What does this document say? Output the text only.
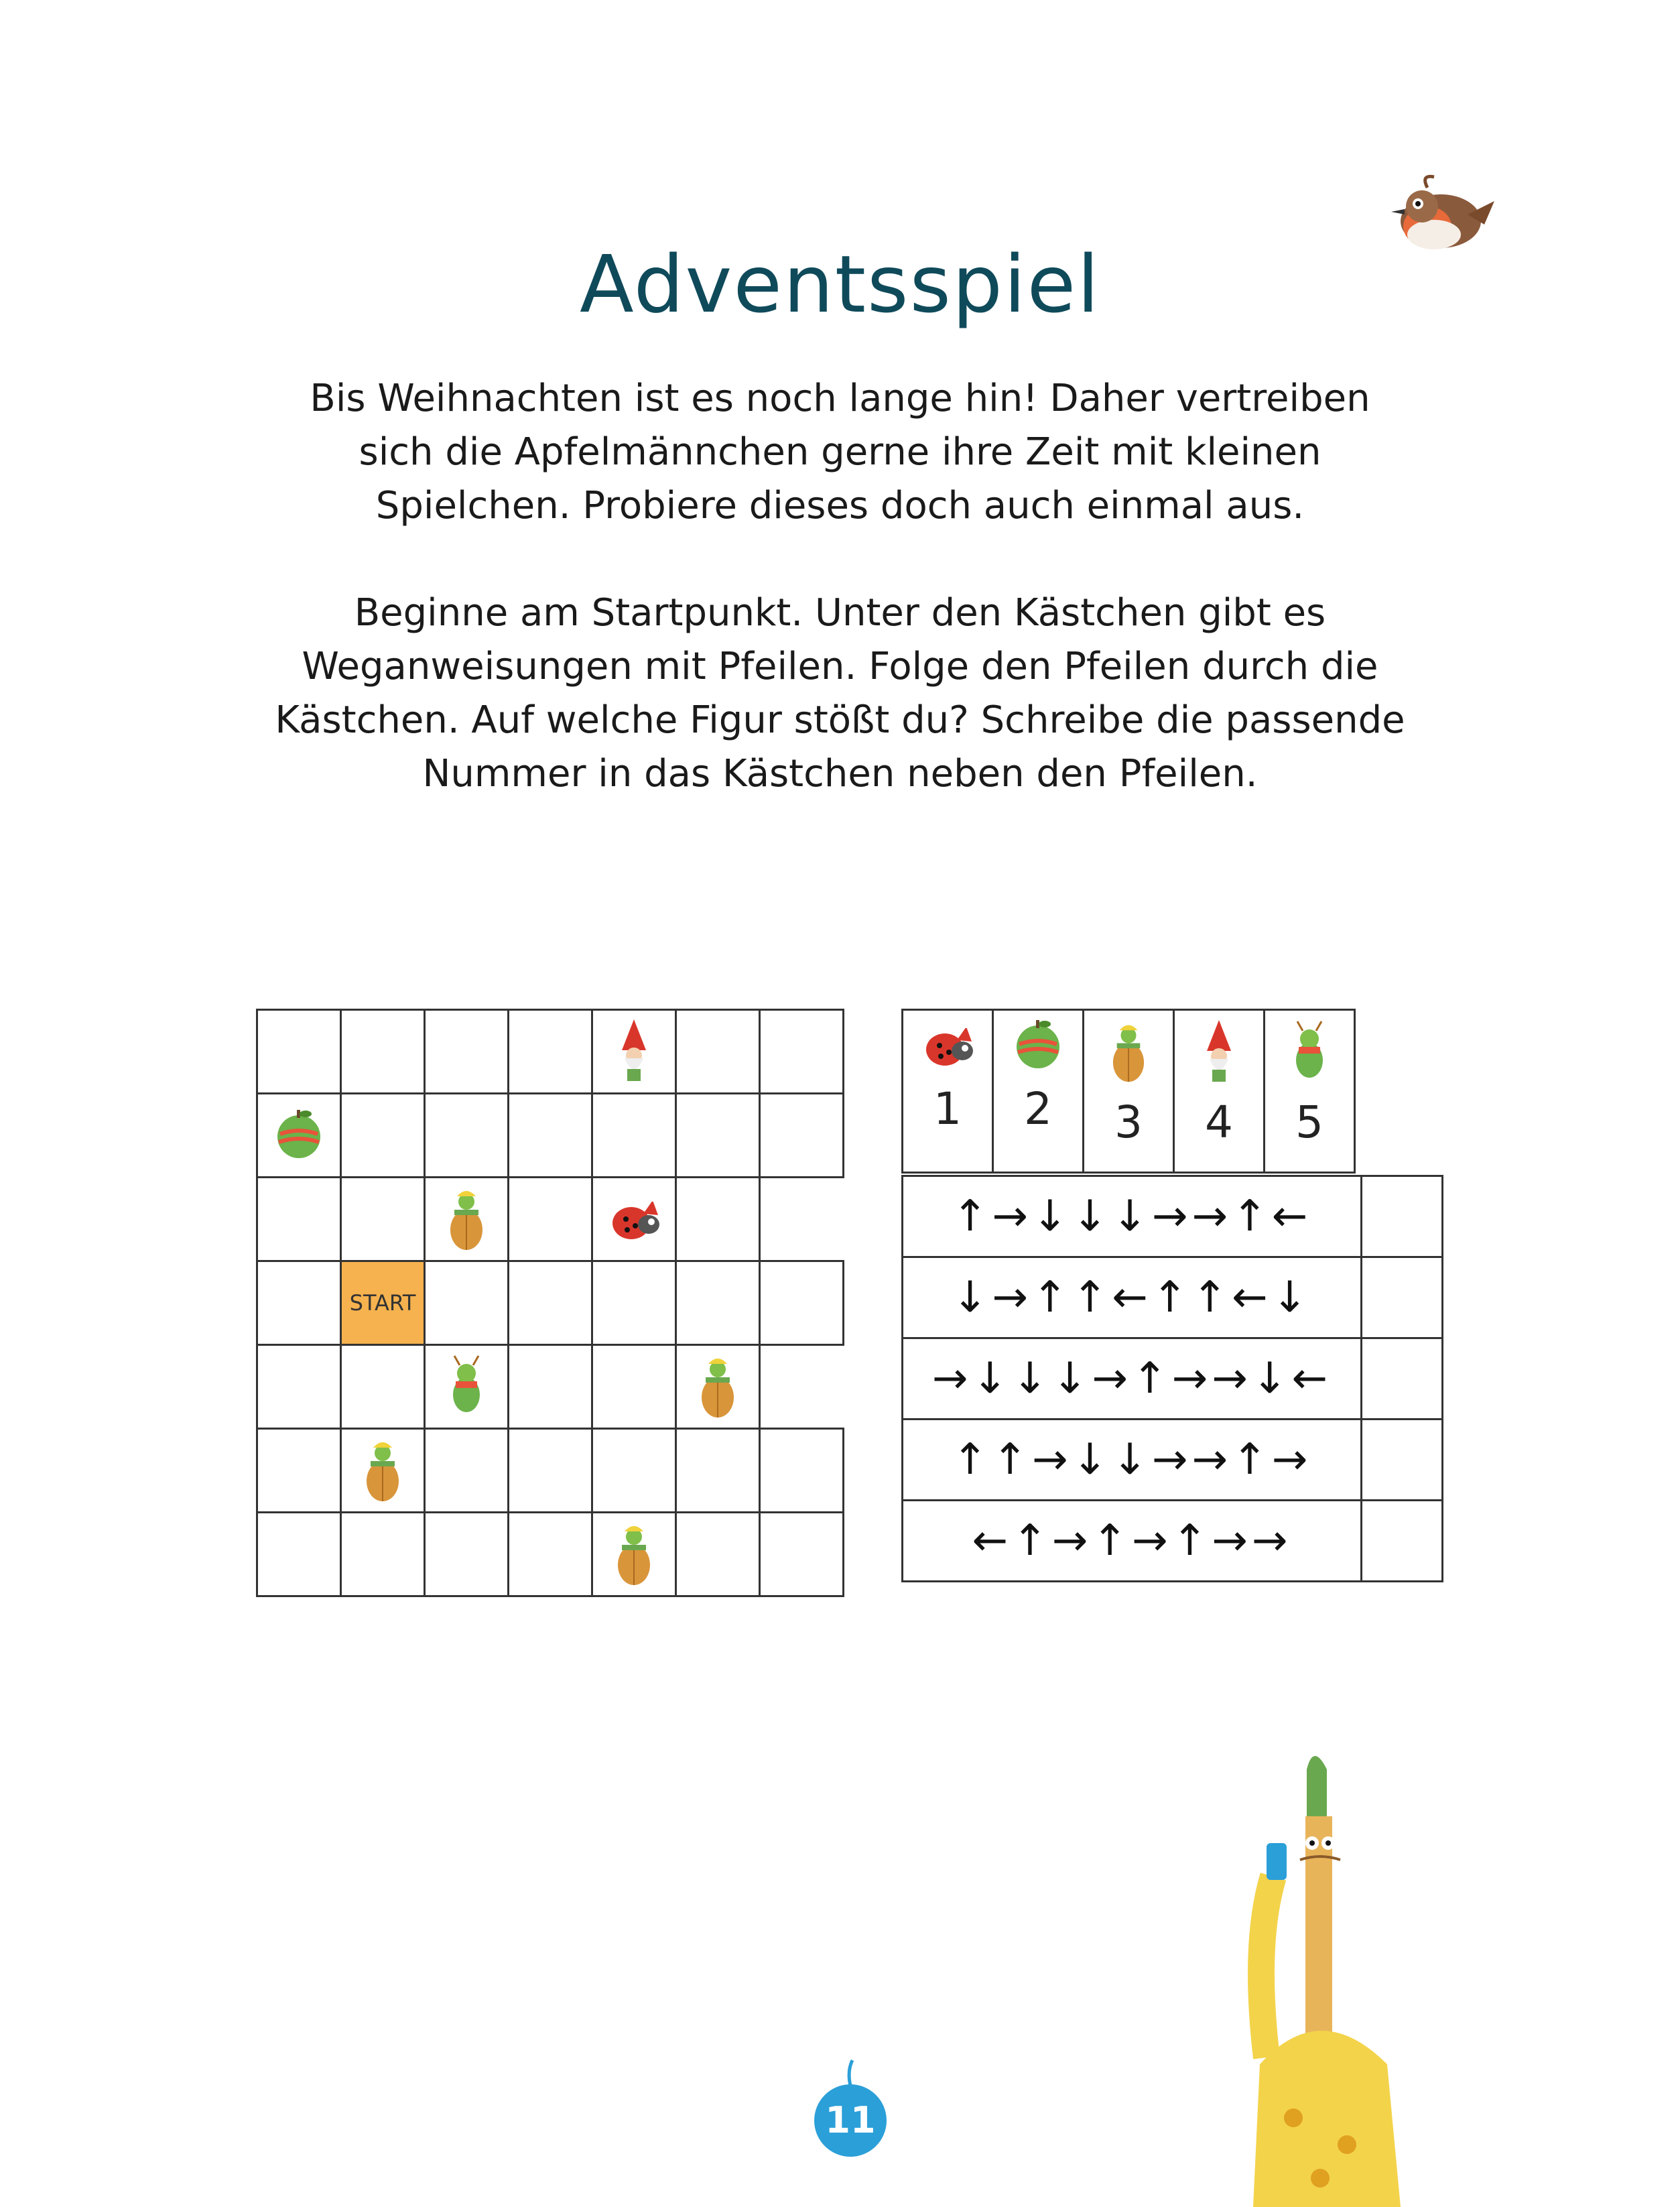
Adventsspiel
Bis Weihnachten ist es noch lange hin! Daher vertreiben sich die Apfelmännchen gerne ihre Zeit mit kleinen Spielchen. Probiere dieses doch auch einmal aus.
Beginne am Startpunkt. Unter den Kästchen gibt es Weganweisungen mit Pfeilen. Folge den Pfeilen durch die Kästchen. Auf welche Figur stößt du? Schreibe die passende Nummer in das Kästchen neben den Pfeilen.

	START					

1	2	3	4	5
↑→↓↓↓→→↑←	
↓→↑↑←↑↑←↓	
→↓↓↓→↑→→↓←	
↑↑→↓↓→→↑→	
←↑→↑→↑→→	
11
